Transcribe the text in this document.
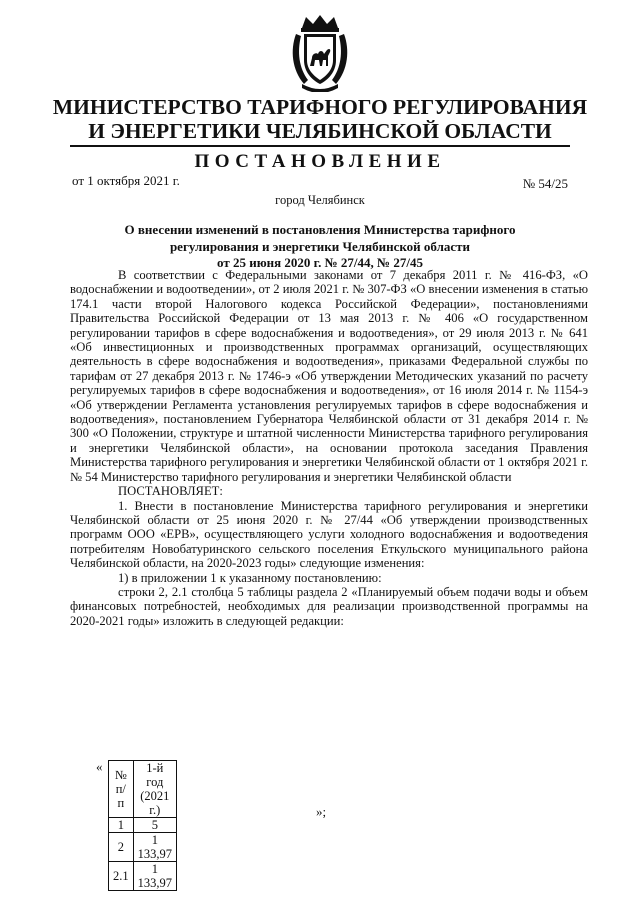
МИНИСТЕРСТВО ТАРИФНОГО РЕГУЛИРОВАНИЯ
И ЭНЕРГЕТИКИ ЧЕЛЯБИНСКОЙ ОБЛАСТИ
ПОСТАНОВЛЕНИЕ
от 1 октября 2021 г.	№ 54/25
город Челябинск
О внесении изменений в постановления Министерства тарифного
регулирования и энергетики Челябинской области
от 25 июня 2020 г. № 27/44, № 27/45

В соответствии с Федеральными законами от 7 декабря 2011 г. № 416-ФЗ, «О водоснабжении и водоотведении», от 2 июля 2021 г. № 307-ФЗ «О внесении изменения в статью 174.1 части второй Налогового кодекса Российской Федерации», постановлениями Правительства Российской Федерации от 13 мая 2013 г. № 406 «О государственном регулировании тарифов в сфере водоснабжения и водоотведения», от 29 июля 2013 г. № 641 «Об инвестиционных и производственных программах организаций, осуществляющих деятельность в сфере водоснабжения и водоотведения», приказами Федеральной службы по тарифам от 27 декабря 2013 г. № 1746-э «Об утверждении Методических указаний по расчету регулируемых тарифов в сфере водоснабжения и водоотведения», от 16 июля 2014 г. № 1154-э «Об утверждении Регламента установления регулируемых тарифов в сфере водоснабжения и водоотведения», постановлением Губернатора Челябинской области от 31 декабря 2014 г. № 300 «О Положении, структуре и штатной численности Министерства тарифного регулирования и энергетики Челябинской области», на основании протокола заседания Правления Министерства тарифного регулирования и энергетики Челябинской области от 1 октября 2021 г. № 54 Министерство тарифного регулирования и энергетики Челябинской области

ПОСТАНОВЛЯЕТ:

1. Внести в постановление Министерства тарифного регулирования и энергетики Челябинской области от 25 июня 2020 г. № 27/44 «Об утверждении производственных программ ООО «ЕРВ», осуществляющего услуги холодного водоснабжения и водоотведения потребителям Новобатуринского сельского поселения Еткульского муниципального района Челябинской области, на 2020-2023 годы» следующие изменения:

1) в приложении 1 к указанному постановлению:

строки 2, 2.1 столбца 5 таблицы раздела 2 «Планируемый объем подачи воды и объем финансовых потребностей, необходимых для реализации производственной программы на 2020-2021 годы» изложить в следующей редакции:

«
№ п/п	1-й год (2021 г.)
1	5
2	1 133,97
2.1	1 133,97
»;
